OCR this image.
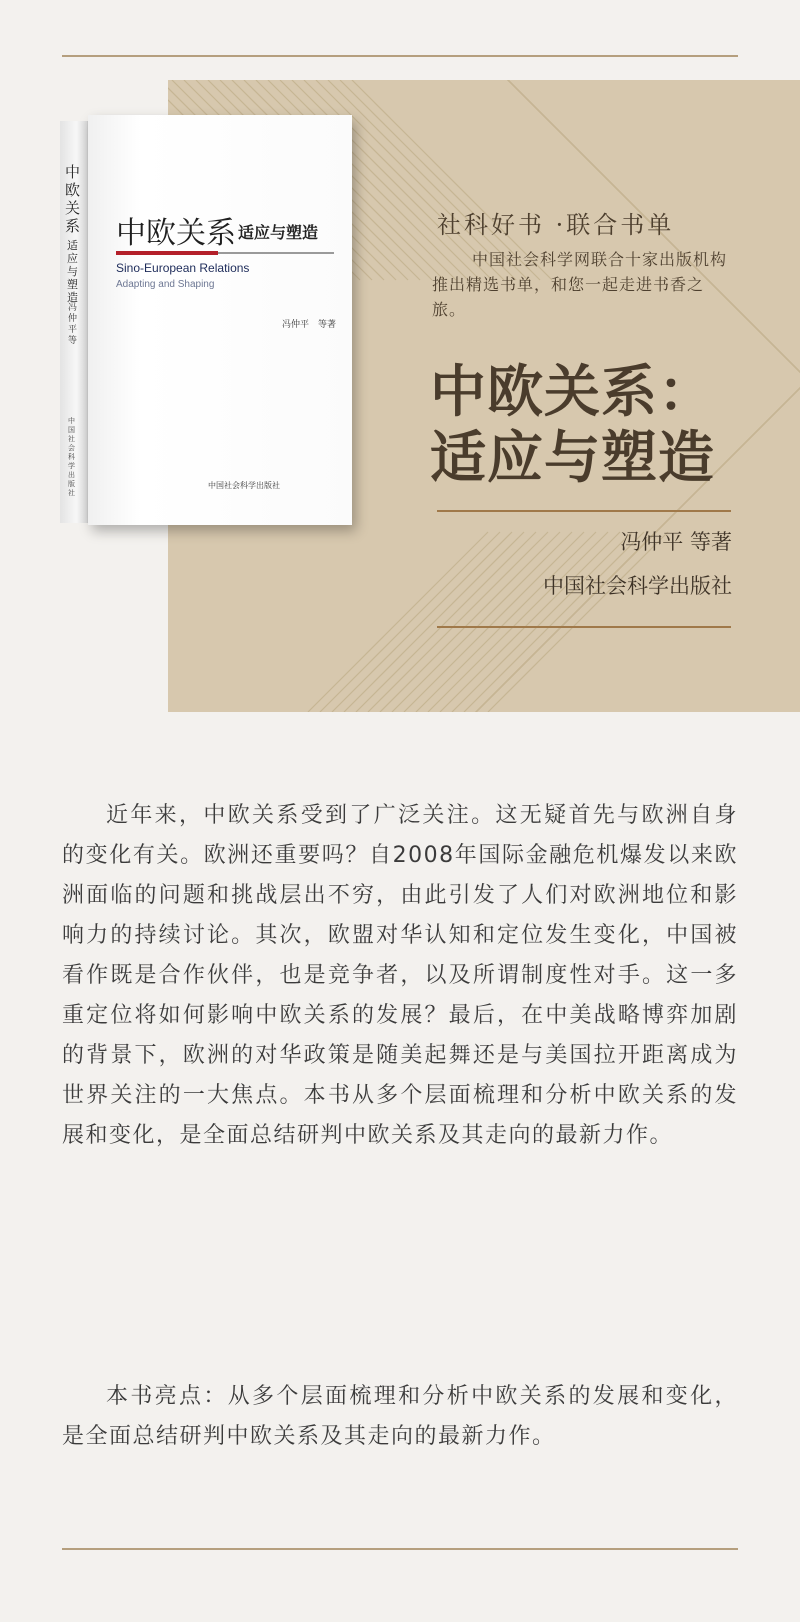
社科好书 ·联合书单
中国社会科学网联合十家出版机构推出精选书单，和您一起走进书香之旅。
中欧关系：
适应与塑造
冯仲平 等著
中国社会科学出版社
中欧关系
适应与塑造
冯仲平 等
中国社会科学出版社
中欧关系 适应与塑造
Sino-European Relations
Adapting and Shaping
冯仲平　等著
中国社会科学出版社

近年来，中欧关系受到了广泛关注。这无疑首先与欧洲自身的变化有关。欧洲还重要吗？自2008年国际金融危机爆发以来欧洲面临的问题和挑战层出不穷，由此引发了人们对欧洲地位和影响力的持续讨论。其次，欧盟对华认知和定位发生变化，中国被看作既是合作伙伴，也是竞争者，以及所谓制度性对手。这一多重定位将如何影响中欧关系的发展？最后，在中美战略博弈加剧的背景下，欧洲的对华政策是随美起舞还是与美国拉开距离成为世界关注的一大焦点。本书从多个层面梳理和分析中欧关系的发展和变化，是全面总结研判中欧关系及其走向的最新力作。

本书亮点：从多个层面梳理和分析中欧关系的发展和变化，是全面总结研判中欧关系及其走向的最新力作。
